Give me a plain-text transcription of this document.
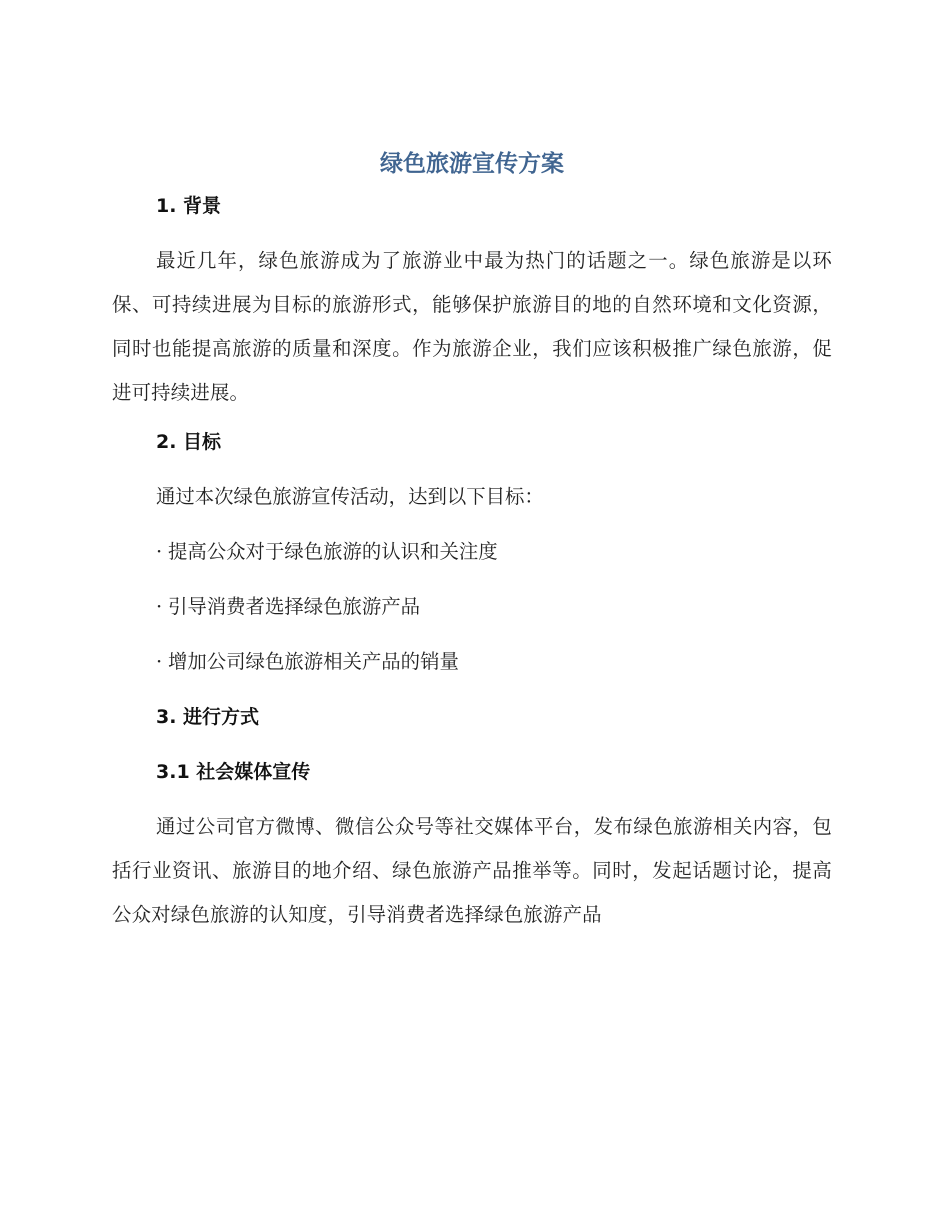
绿色旅游宣传方案
1. 背景

最近几年，绿色旅游成为了旅游业中最为热门的话题之一。绿色旅游是以环保、可持续进展为目标的旅游形式，能够保护旅游目的地的自然环境和文化资源，同时也能提高旅游的质量和深度。作为旅游企业，我们应该积极推广绿色旅游，促进可持续进展。

2. 目标

通过本次绿色旅游宣传活动，达到以下目标：

· 提高公众对于绿色旅游的认识和关注度

· 引导消费者选择绿色旅游产品

· 增加公司绿色旅游相关产品的销量

3. 进行方式
3.1 社会媒体宣传

通过公司官方微博、微信公众号等社交媒体平台，发布绿色旅游相关内容，包括行业资讯、旅游目的地介绍、绿色旅游产品推举等。同时，发起话题讨论，提高公众对绿色旅游的认知度，引导消费者选择绿色旅游产品
